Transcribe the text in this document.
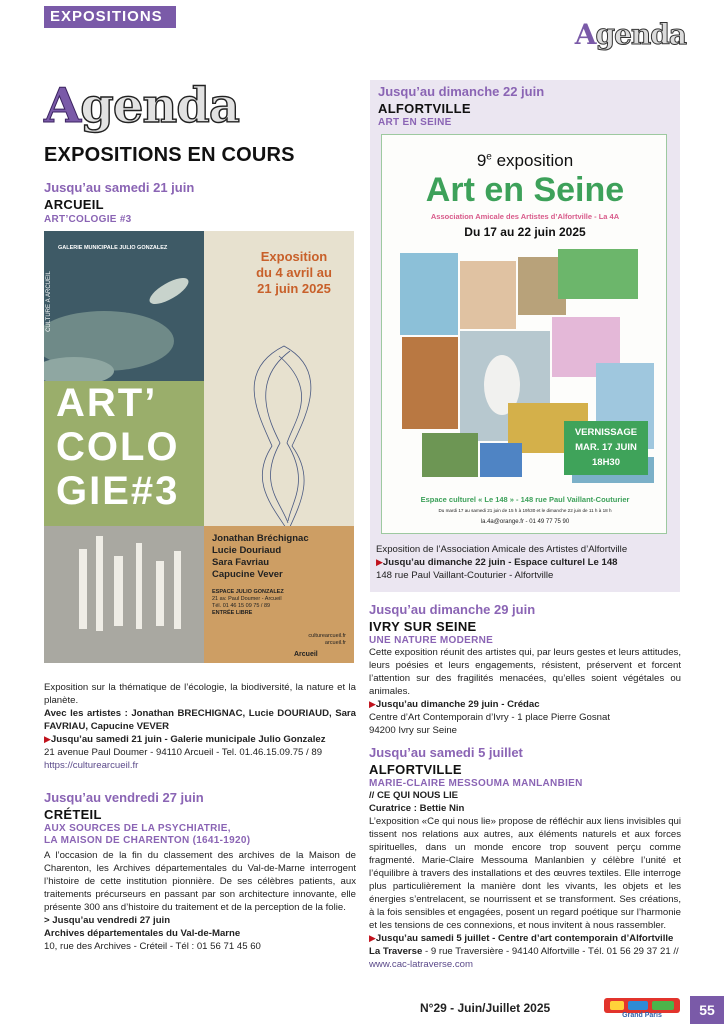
EXPOSITIONS
Agenda
Agenda
EXPOSITIONS EN COURS
Jusqu’au samedi 21 juin
ARCUEIL
ART’COLOGIE #3
CULTURE À ARCUEIL
GALERIE MUNICIPALE JULIO GONZALEZ
Exposition
du 4 avril au
21 juin 2025
ART’
COLO
GIE#3
Jonathan Bréchignac
Lucie Douriaud
Sara Favriau
Capucine Vever
ESPACE JULIO GONZALEZ
21 av. Paul Doumer - Arcueil
Tél. 01 46 15 09 75 / 89
ENTRÉE LIBRE
culturearcueil.fr
arcueil.fr
Arcueil
Exposition sur la thématique de l’écologie, la biodiversité, la nature et la planète.
Avec les artistes : Jonathan BRECHIGNAC, Lucie DOURIAUD, Sara FAVRIAU, Capucine VEVER
▶Jusqu’au samedi 21 juin - Galerie municipale Julio Gonzalez
21 avenue Paul Doumer - 94110 Arcueil - Tel. 01.46.15.09.75 / 89
https://culturearcueil.fr
Jusqu’au vendredi 27 juin
CRÉTEIL
AUX SOURCES DE LA PSYCHIATRIE,
LA MAISON DE CHARENTON (1641-1920)
A l’occasion de la fin du classement des archives de la Maison de Charenton, les Archives départementales du Val-de-Marne interrogent l’histoire de cette institution pionnière. De ses célèbres patients, aux traitements précurseurs en passant par son architecture innovante, elle présente 300 ans d’histoire du traitement et de la perception de la folie.
> Jusqu’au vendredi 27 juin
Archives départementales du Val-de-Marne
10, rue des Archives - Créteil - Tél : 01 56 71 45 60
Jusqu’au dimanche 22 juin
ALFORTVILLE
ART EN SEINE
9e exposition
Art en Seine
Association Amicale des Artistes d’Alfortville - La 4A
Du 17 au 22 juin 2025
VERNISSAGE
MAR. 17 JUIN
18H30
Espace culturel « Le 148 » - 148 rue Paul Vaillant-Couturier
Du mardi 17 au samedi 21 juin de 15 h à 19h30 et le dimanche 22 juin de 11 h à 18 h
la.4a@orange.fr - 01 49 77 75 90
Exposition de l’Association Amicale des Artistes d’Alfortville
▶Jusqu’au dimanche 22 juin - Espace culturel Le 148
148 rue Paul Vaillant-Couturier - Alfortville
Jusqu’au dimanche 29 juin
IVRY SUR SEINE
UNE NATURE MODERNE
Cette exposition réunit des artistes qui, par leurs gestes et leurs attitudes, leurs poésies et leurs engagements, résistent, préservent et forcent l’attention sur des fragilités menacées, qu’elles soient végétales ou animales.
▶Jusqu’au dimanche 29 juin - Crédac
Centre d’Art Contemporain d’Ivry - 1 place Pierre Gosnat
94200 Ivry sur Seine
Jusqu’au samedi 5 juillet
ALFORTVILLE
MARIE-CLAIRE MESSOUMA MANLANBIEN
// CE QUI NOUS LIE
Curatrice : Bettie Nin
L’exposition «Ce qui nous lie» propose de réfléchir aux liens invisibles qui tissent nos relations aux autres, aux éléments naturels et aux forces spirituelles, dans un monde encore trop souvent perçu comme fragmenté. Marie-Claire Messouma Manlanbien y célèbre l’unité et l’équilibre à travers des installations et des œuvres textiles. Elle interroge plus particulièrement la manière dont les vivants, les objets et les énergies s’entrelacent, se nourrissent et se transforment. Ses créations, à la fois sensibles et engagées, posent un regard poétique sur l’harmonie et les tensions de ces connexions, et nous invitent à nous rassembler.
▶Jusqu’au samedi 5 juillet - Centre d’art contemporain d’Alfortville
La Traverse - 9 rue Traversière - 94140 Alfortville - Tél. 01 56 29 37 21 //
www.cac-latraverse.com
N°29 - Juin/Juillet 2025
Grand Paris	55
